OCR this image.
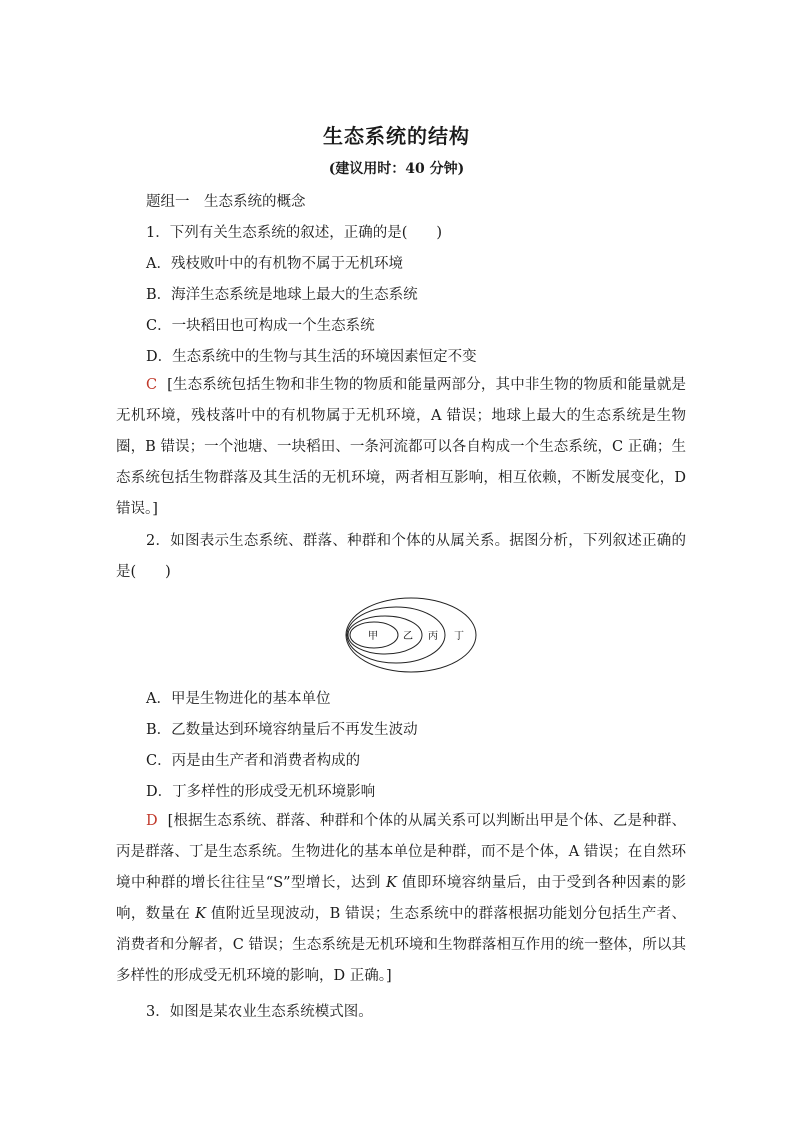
生态系统的结构
(建议用时：40 分钟)
题组一　生态系统的概念
1．下列有关生态系统的叙述，正确的是(　　)
A．残枝败叶中的有机物不属于无机环境
B．海洋生态系统是地球上最大的生态系统
C．一块稻田也可构成一个生态系统
D．生态系统中的生物与其生活的环境因素恒定不变
C [生态系统包括生物和非生物的物质和能量两部分，其中非生物的物质和能量就是无机环境，残枝落叶中的有机物属于无机环境，A 错误；地球上最大的生态系统是生物圈，B 错误；一个池塘、一块稻田、一条河流都可以各自构成一个生态系统，C 正确；生态系统包括生物群落及其生活的无机环境，两者相互影响，相互依赖，不断发展变化，D 错误。]
2．如图表示生态系统、群落、种群和个体的从属关系。据图分析，下列叙述正确的是(　　)
甲	乙 丙 丁
A．甲是生物进化的基本单位
B．乙数量达到环境容纳量后不再发生波动
C．丙是由生产者和消费者构成的
D．丁多样性的形成受无机环境影响
D [根据生态系统、群落、种群和个体的从属关系可以判断出甲是个体、乙是种群、丙是群落、丁是生态系统。生物进化的基本单位是种群，而不是个体，A 错误；在自然环境中种群的增长往往呈“S”型增长，达到 K 值即环境容纳量后，由于受到各种因素的影响，数量在 K 值附近呈现波动，B 错误；生态系统中的群落根据功能划分包括生产者、消费者和分解者，C 错误；生态系统是无机环境和生物群落相互作用的统一整体，所以其多样性的形成受无机环境的影响，D 正确。]
3．如图是某农业生态系统模式图。
